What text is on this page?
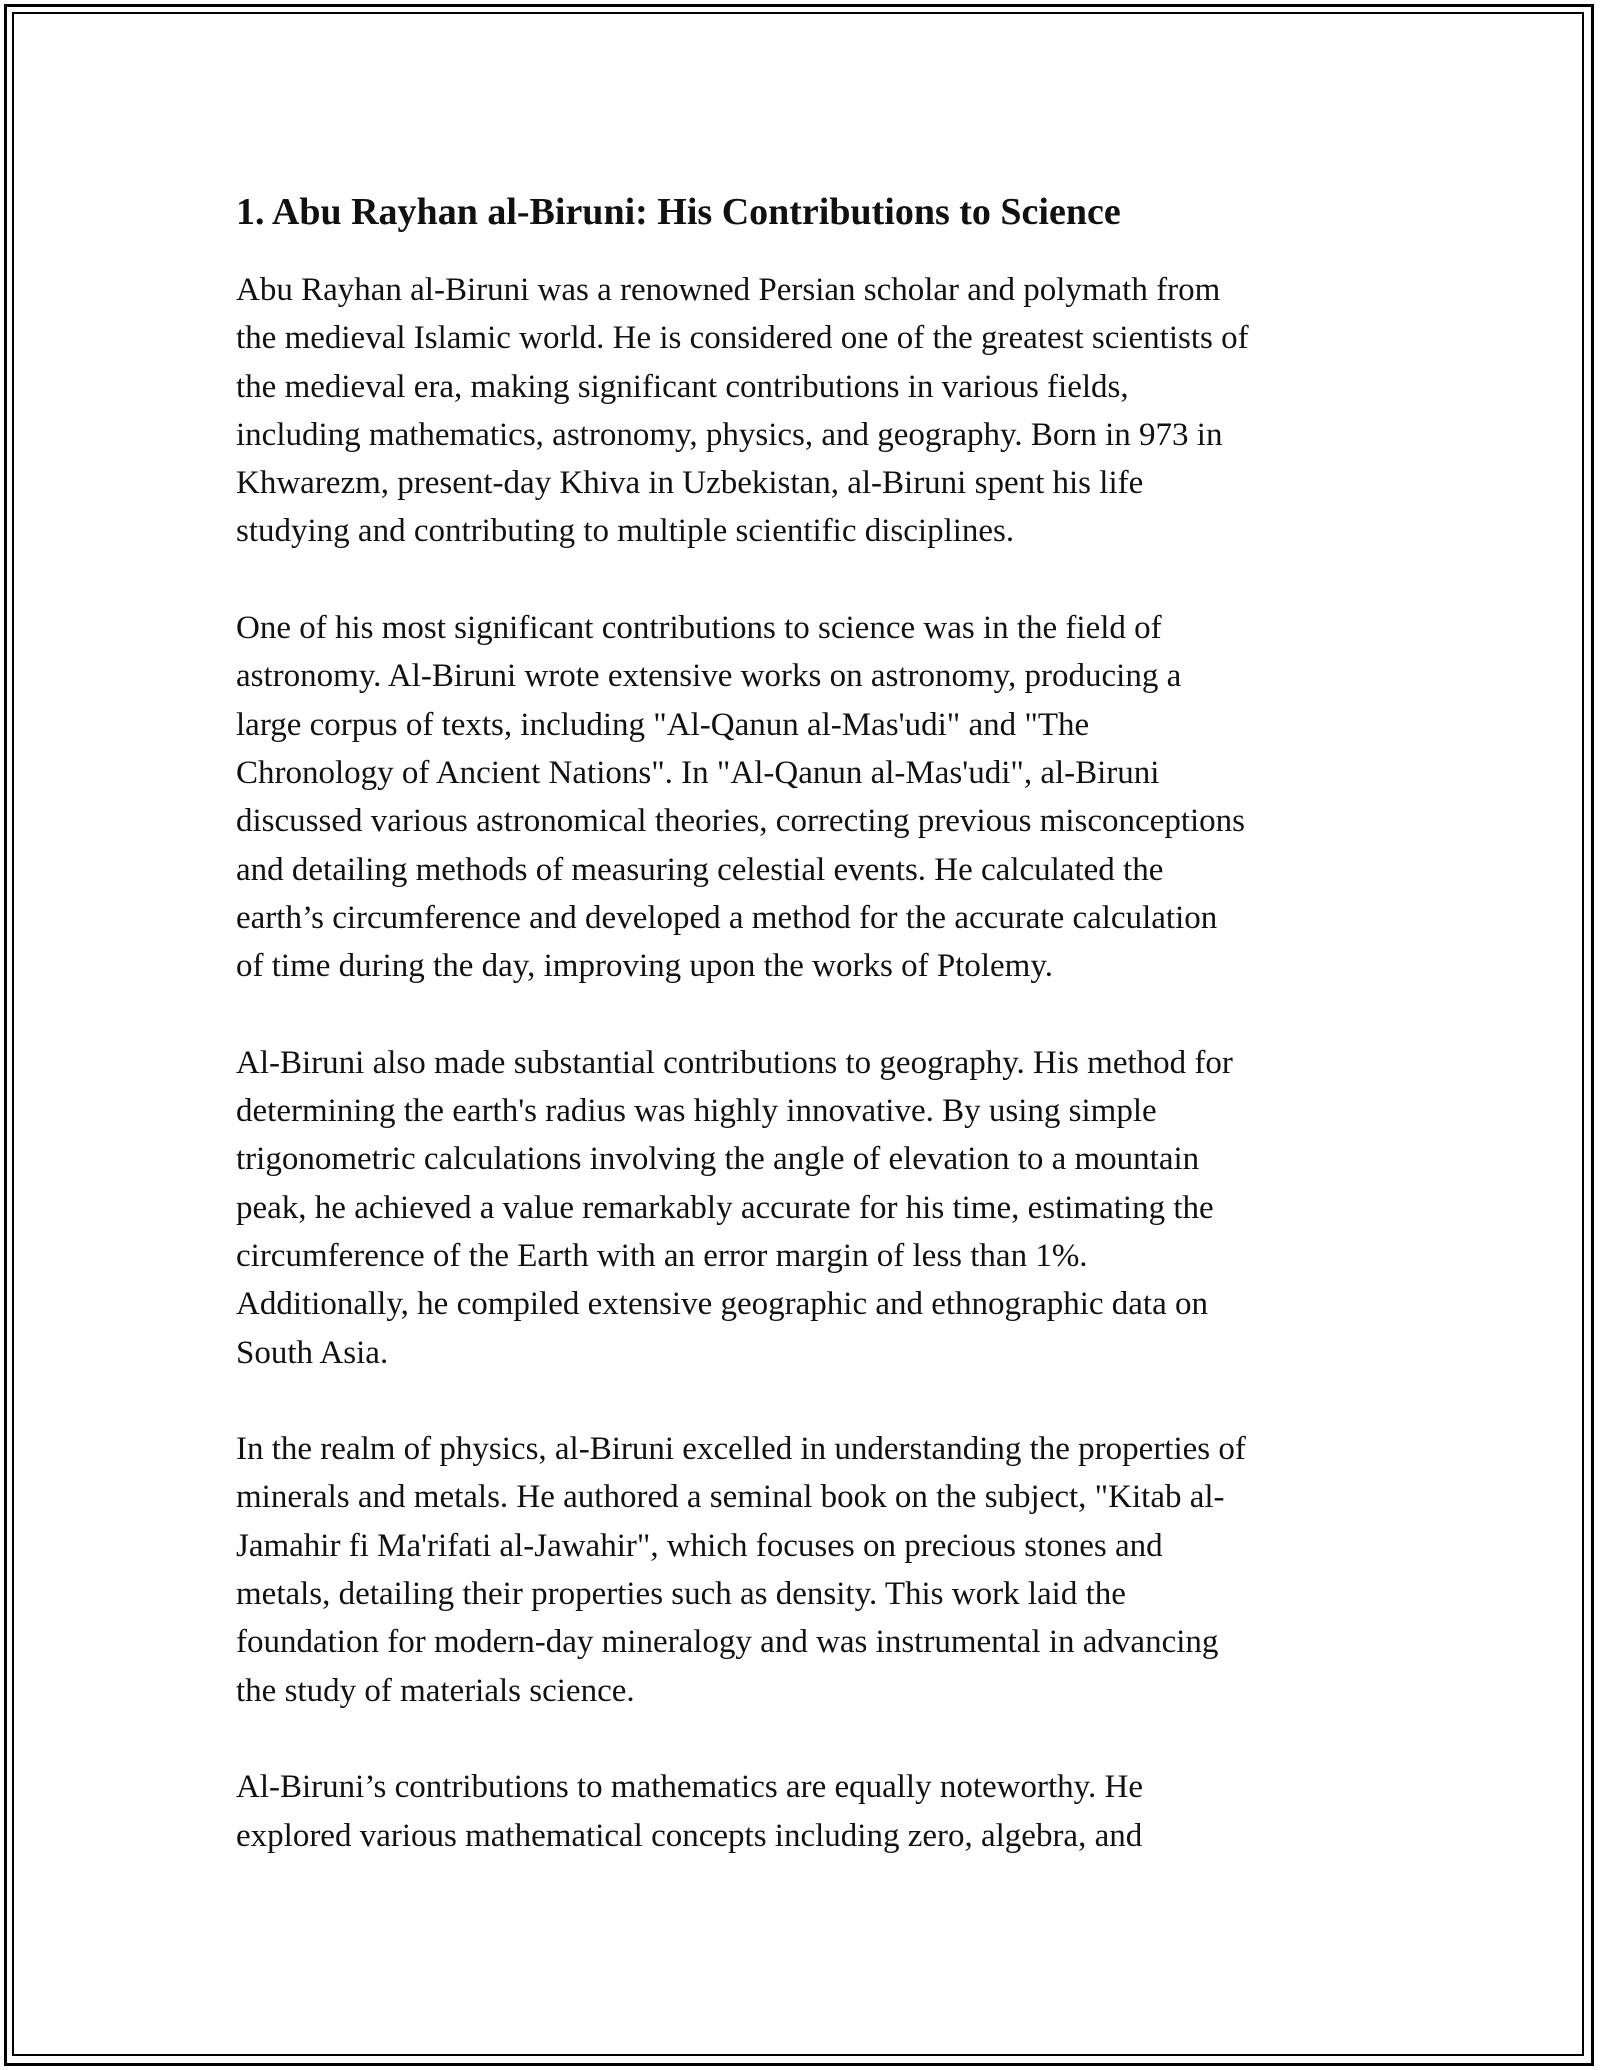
1. Abu Rayhan al-Biruni: His Contributions to Science

Abu Rayhan al-Biruni was a renowned Persian scholar and polymath from
the medieval Islamic world. He is considered one of the greatest scientists of
the medieval era, making significant contributions in various fields,
including mathematics, astronomy, physics, and geography. Born in 973 in
Khwarezm, present-day Khiva in Uzbekistan, al-Biruni spent his life
studying and contributing to multiple scientific disciplines.

One of his most significant contributions to science was in the field of
astronomy. Al-Biruni wrote extensive works on astronomy, producing a
large corpus of texts, including "Al-Qanun al-Mas'udi" and "The
Chronology of Ancient Nations". In "Al-Qanun al-Mas'udi", al-Biruni
discussed various astronomical theories, correcting previous misconceptions
and detailing methods of measuring celestial events. He calculated the
earth’s circumference and developed a method for the accurate calculation
of time during the day, improving upon the works of Ptolemy.

Al-Biruni also made substantial contributions to geography. His method for
determining the earth's radius was highly innovative. By using simple
trigonometric calculations involving the angle of elevation to a mountain
peak, he achieved a value remarkably accurate for his time, estimating the
circumference of the Earth with an error margin of less than 1%.
Additionally, he compiled extensive geographic and ethnographic data on
South Asia.

In the realm of physics, al-Biruni excelled in understanding the properties of
minerals and metals. He authored a seminal book on the subject, "Kitab al-
Jamahir fi Ma'rifati al-Jawahir", which focuses on precious stones and
metals, detailing their properties such as density. This work laid the
foundation for modern-day mineralogy and was instrumental in advancing
the study of materials science.

Al-Biruni’s contributions to mathematics are equally noteworthy. He
explored various mathematical concepts including zero, algebra, and
